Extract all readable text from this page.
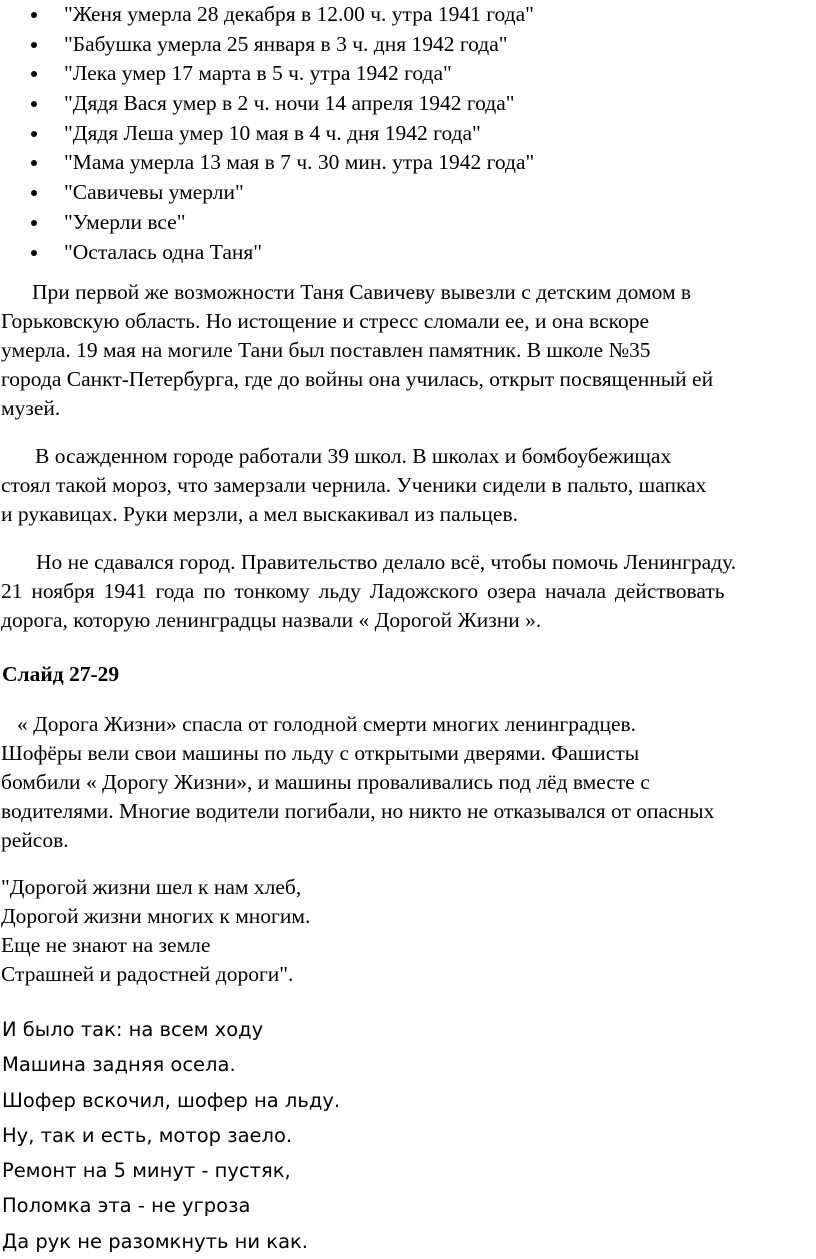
"Женя умерла 28 декабря в 12.00 ч. утра 1941 года"
"Бабушка умерла 25 января в 3 ч. дня 1942 года"
"Лека умер 17 марта в 5 ч. утра 1942 года"
"Дядя Вася умер в 2 ч. ночи 14 апреля 1942 года"
"Дядя Леша умер 10 мая в 4 ч. дня 1942 года"
"Мама умерла 13 мая в 7 ч. 30 мин. утра 1942 года"
"Савичевы умерли"
"Умерли все"
"Осталась одна Таня"
При первой же возможности Таня Савичеву вывезли с детским домом в
Горьковскую область. Но истощение и стресс сломали ее, и она вскоре
умерла. 19 мая на могиле Тани был поставлен памятник. В школе №35
города Санкт-Петербурга, где до войны она училась, открыт посвященный ей
музей.
В осажденном городе работали 39 школ. В школах и бомбоубежищах
стоял такой мороз, что замерзали чернила. Ученики сидели в пальто, шапках
и рукавицах. Руки мерзли, а мел выскакивал из пальцев.
Но не сдавался город. Правительство делало всё, чтобы помочь Ленинграду.
21 ноября 1941 года по тонкому льду Ладожского озера начала действовать
дорога, которую ленинградцы назвали « Дорогой Жизни ».
Слайд 27-29
« Дорога Жизни» спасла от голодной смерти многих ленинградцев.
Шофёры вели свои машины по льду с открытыми дверями. Фашисты
бомбили « Дорогу Жизни», и машины проваливались под лёд вместе с
водителями. Многие водители погибали, но никто не отказывался от опасных
рейсов.
"Дорогой жизни шел к нам хлеб,
Дорогой жизни многих к многим.
Еще не знают на земле
Страшней и радостней дороги".
И было так: на всем ходу
Машина задняя осела.
Шофер вскочил, шофер на льду.
Ну, так и есть, мотор заело.
Ремонт на 5 минут - пустяк,
Поломка эта - не угроза
Да рук не разомкнуть ни как.
